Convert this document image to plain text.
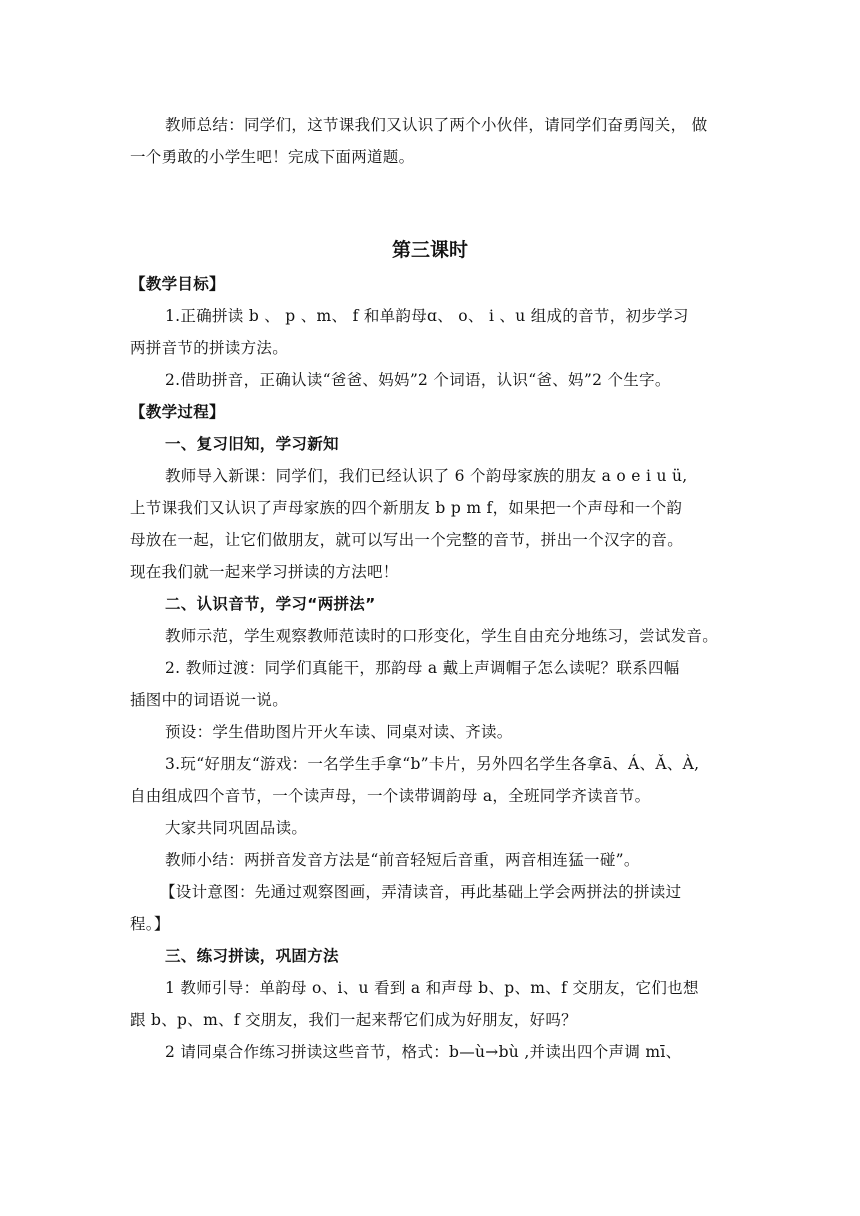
教师总结：同学们，这节课我们又认识了两个小伙伴，请同学们奋勇闯关， 做
一个勇敢的小学生吧！完成下面两道题。
第三课时
【教学目标】
1.正确拼读 b 、 p 、m、 f 和单韵母ɑ、 o、 i 、u 组成的音节，初步学习
两拼音节的拼读方法。
2.借助拼音，正确认读“爸爸、妈妈”2 个词语，认识“爸、妈”2 个生字。
【教学过程】
一、复习旧知，学习新知
教师导入新课：同学们，我们已经认识了 6 个韵母家族的朋友 a o e i u ü,
上节课我们又认识了声母家族的四个新朋友 b p m f，如果把一个声母和一个韵
母放在一起，让它们做朋友，就可以写出一个完整的音节，拼出一个汉字的音。
现在我们就一起来学习拼读的方法吧！
二、认识音节，学习“两拼法”
教师示范，学生观察教师范读时的口形变化，学生自由充分地练习，尝试发音。
2. 教师过渡：同学们真能干，那韵母 a 戴上声调帽子怎么读呢？联系四幅
插图中的词语说一说。
预设：学生借助图片开火车读、同桌对读、齐读。
3.玩“好朋友“游戏：一名学生手拿“b”卡片，另外四名学生各拿ā、Á、Ǎ、À,
自由组成四个音节，一个读声母，一个读带调韵母 a，全班同学齐读音节。
大家共同巩固品读。
教师小结：两拼音发音方法是“前音轻短后音重，两音相连猛一碰”。
【设计意图：先通过观察图画，弄清读音，再此基础上学会两拼法的拼读过
程。】
三、练习拼读，巩固方法
1 教师引导：单韵母 o、i、u 看到 a 和声母 b、p、m、f 交朋友，它们也想
跟 b、p、m、f 交朋友，我们一起来帮它们成为好朋友，好吗？
2 请同桌合作练习拼读这些音节，格式：b—ù→bù ,并读出四个声调 mī、
